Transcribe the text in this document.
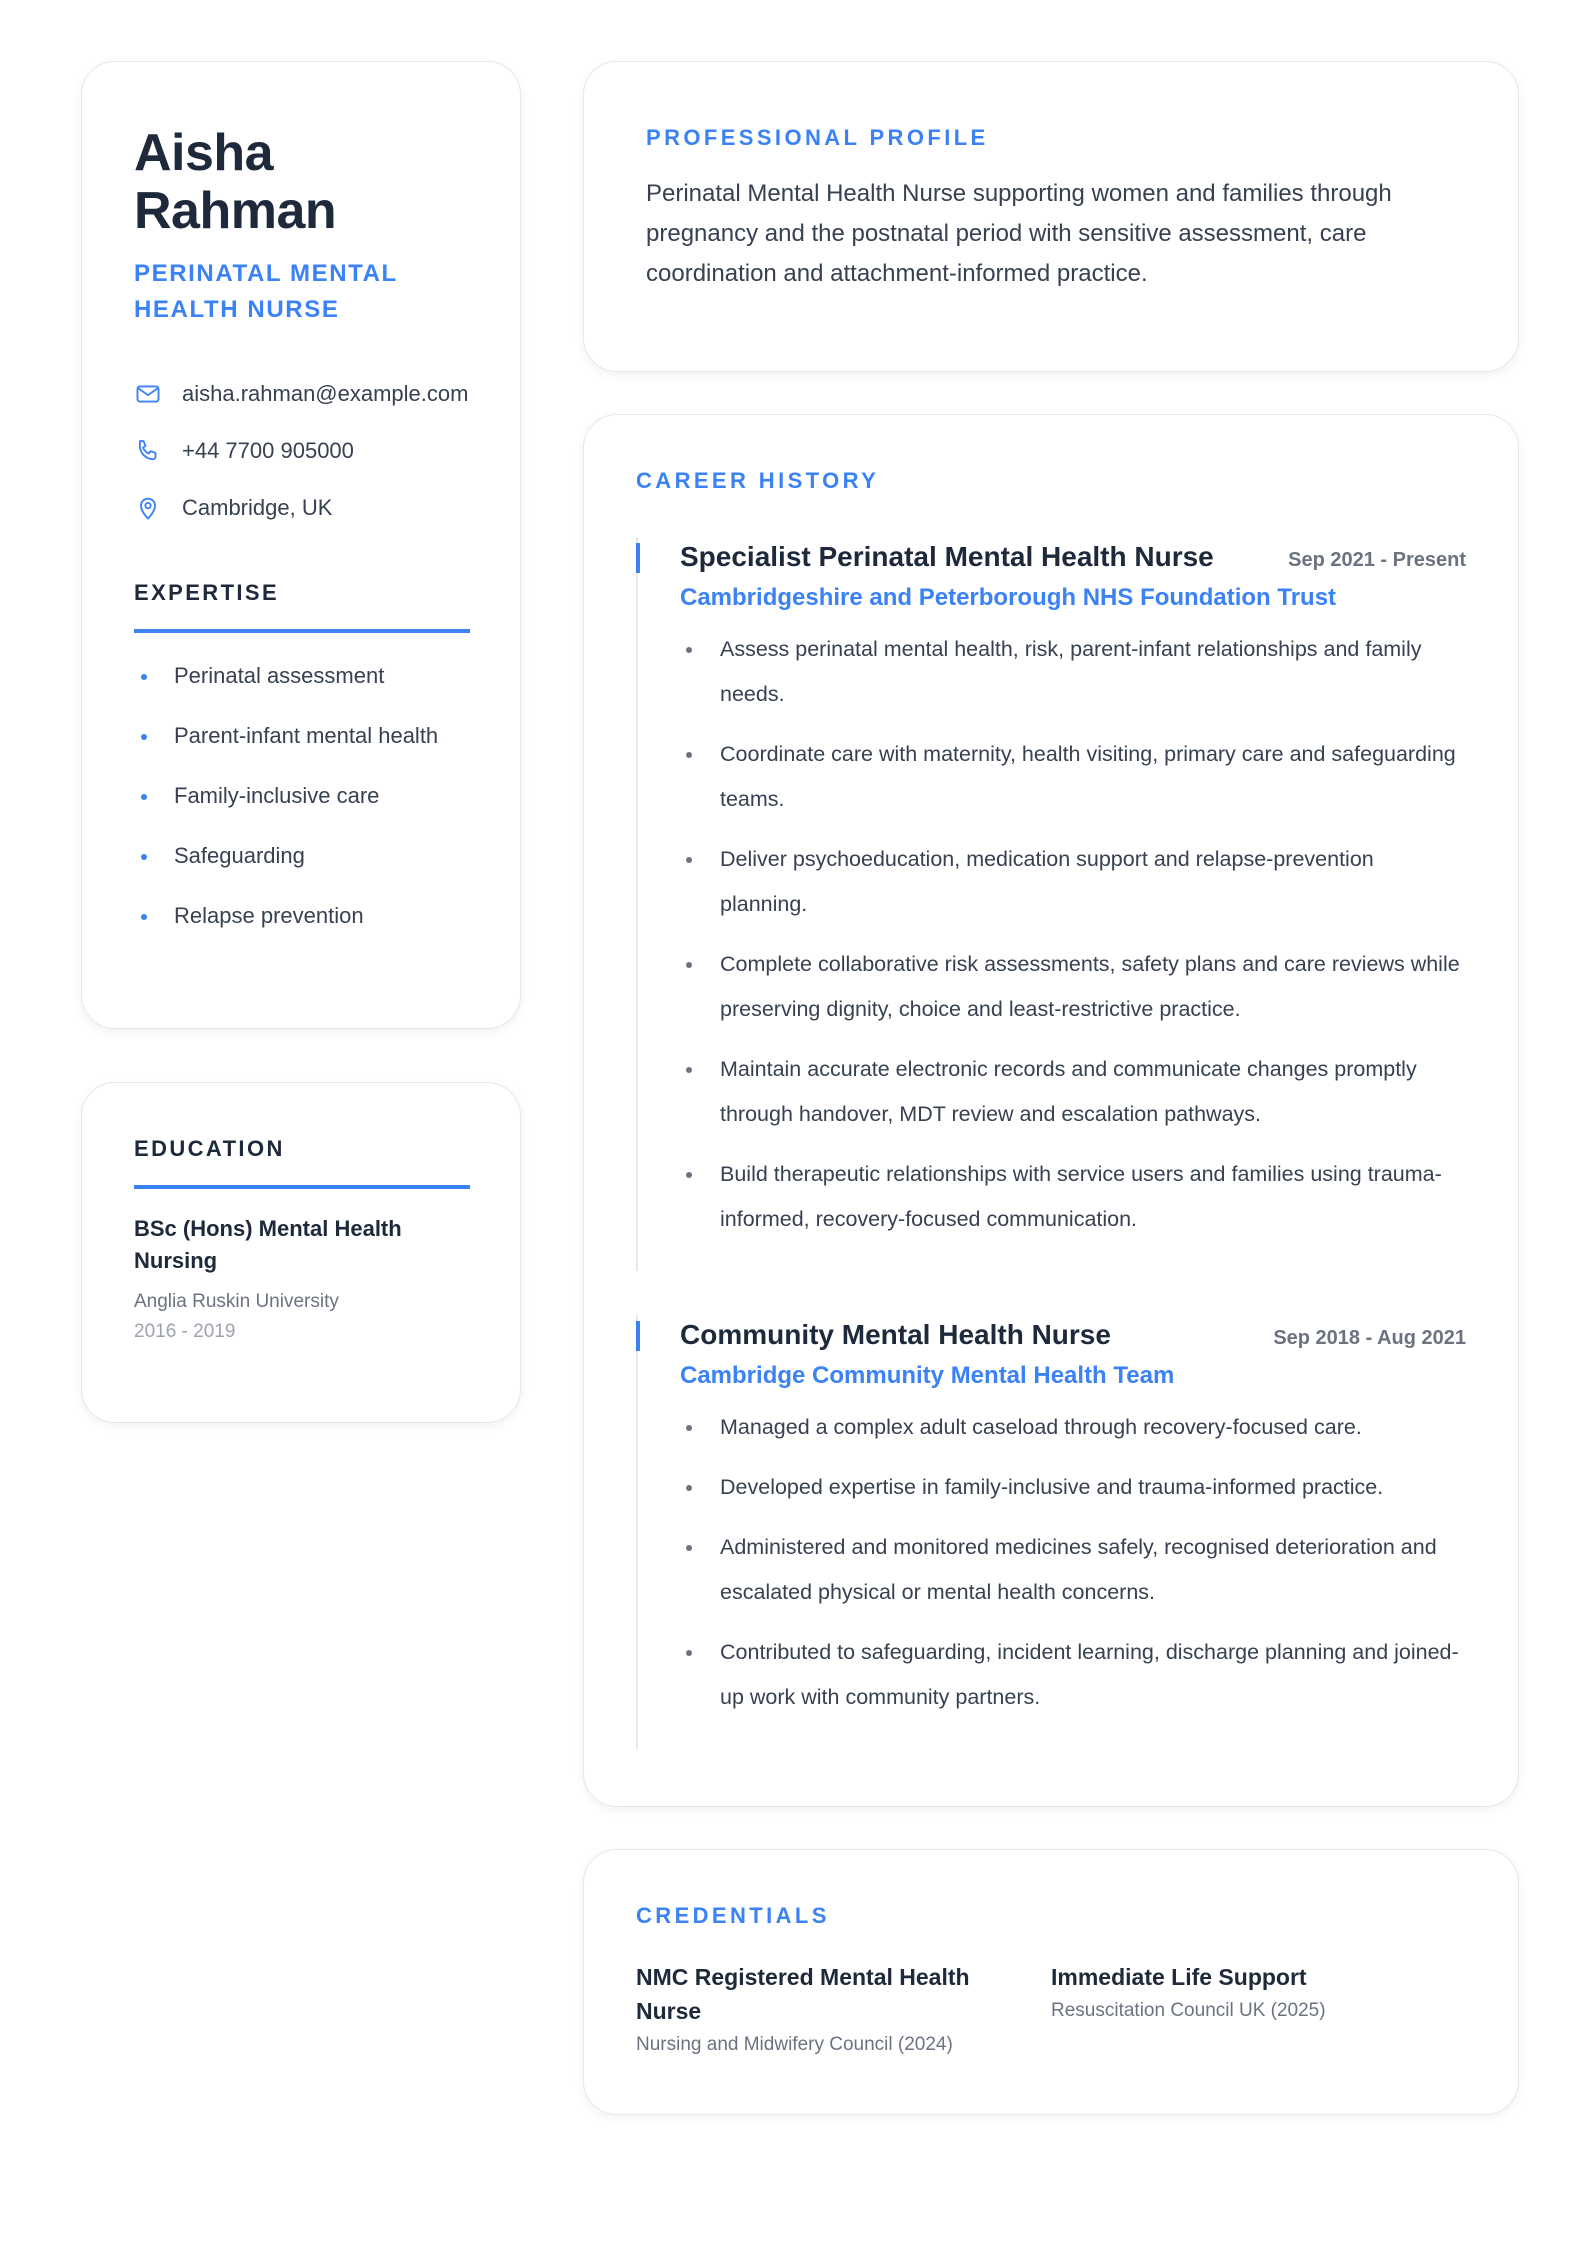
Aisha
Rahman
PERINATAL MENTAL HEALTH NURSE
aisha.rahman@example.com
+44 7700 905000
Cambridge, UK
EXPERTISE
Perinatal assessment
Parent-infant mental health
Family-inclusive care
Safeguarding
Relapse prevention
EDUCATION
BSc (Hons) Mental Health Nursing
Anglia Ruskin University
2016 - 2019
PROFESSIONAL PROFILE

Perinatal Mental Health Nurse supporting women and families through pregnancy and the postnatal period with sensitive assessment, care coordination and attachment-informed practice.

CAREER HISTORY
Specialist Perinatal Mental Health Nurse	Sep 2021 - Present
Cambridgeshire and Peterborough NHS Foundation Trust
Assess perinatal mental health, risk, parent-infant relationships and family needs.
Coordinate care with maternity, health visiting, primary care and safeguarding teams.
Deliver psychoeducation, medication support and relapse-prevention planning.
Complete collaborative risk assessments, safety plans and care reviews while preserving dignity, choice and least-restrictive practice.
Maintain accurate electronic records and communicate changes promptly through handover, MDT review and escalation pathways.
Build therapeutic relationships with service users and families using trauma-informed, recovery-focused communication.
Community Mental Health Nurse	Sep 2018 - Aug 2021
Cambridge Community Mental Health Team
Managed a complex adult caseload through recovery-focused care.
Developed expertise in family-inclusive and trauma-informed practice.
Administered and monitored medicines safely, recognised deterioration and escalated physical or mental health concerns.
Contributed to safeguarding, incident learning, discharge planning and joined-up work with community partners.
CREDENTIALS
NMC Registered Mental Health Nurse
Nursing and Midwifery Council (2024)
Immediate Life Support
Resuscitation Council UK (2025)
